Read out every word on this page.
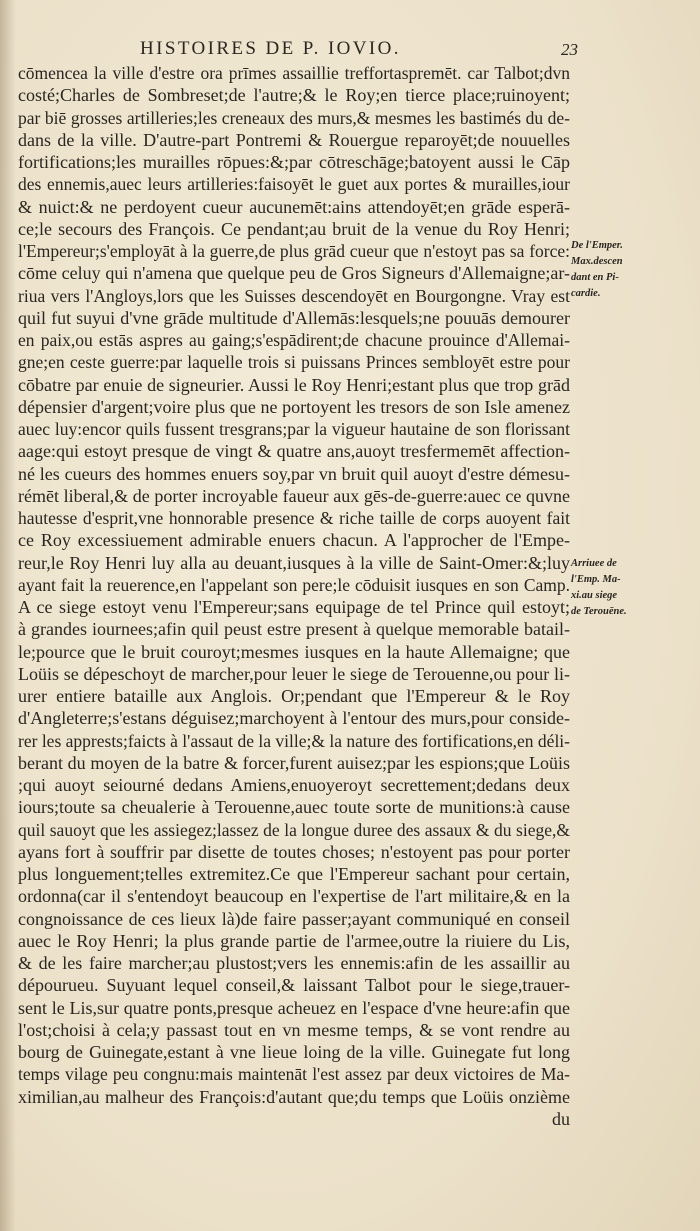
HISTOIRES DE P. IOVIO.	23
cōmencea la ville d'estre ora prīmes assaillie treffortaspremēt. car Talbot;dvn
costé;Charles de Sombreset;de l'autre;& le Roy;en tierce place;ruinoyent;
par biē grosses artilleries;les creneaux des murs,& mesmes les bastimés du de-
dans de la ville. D'autre-part Pontremi & Rouergue reparoyēt;de nouuelles
fortifications;les murailles rōpues:&;par cōtreschāge;batoyent aussi le Cāp
des ennemis,auec leurs artilleries:faisoyēt le guet aux portes & murailles,iour
& nuict:& ne perdoyent cueur aucunemēt:ains attendoyēt;en grāde esperā-
ce;le secours des François. Ce pendant;au bruit de la venue du Roy Henri;
l'Empereur;s'employāt à la guerre,de plus grād cueur que n'estoyt pas sa force:
cōme celuy qui n'amena que quelque peu de Gros Signeurs d'Allemaigne;ar-
riua vers l'Angloys,lors que les Suisses descendoyēt en Bourgongne. Vray est
quil fut suyui d'vne grāde multitude d'Allemās:lesquels;ne pouuās demourer
en paix,ou estās aspres au gaing;s'espādirent;de chacune prouince d'Allemai-
gne;en ceste guerre:par laquelle trois si puissans Princes sembloyēt estre pour
cōbatre par enuie de signeurier. Aussi le Roy Henri;estant plus que trop grād
dépensier d'argent;voire plus que ne portoyent les tresors de son Isle amenez
auec luy:encor quils fussent tresgrans;par la vigueur hautaine de son florissant
aage:qui estoyt presque de vingt & quatre ans,auoyt tresfermemēt affection-
né les cueurs des hommes enuers soy,par vn bruit quil auoyt d'estre démesu-
rémēt liberal,& de porter incroyable faueur aux gēs-de-guerre:auec ce quvne
hautesse d'esprit,vne honnorable presence & riche taille de corps auoyent fait
ce Roy excessiuement admirable enuers chacun. A l'approcher de l'Empe-
reur,le Roy Henri luy alla au deuant,iusques à la ville de Saint-Omer:&;luy
ayant fait la reuerence,en l'appelant son pere;le cōduisit iusques en son Camp.
A ce siege estoyt venu l'Empereur;sans equipage de tel Prince quil estoyt;
à grandes iournees;afin quil peust estre present à quelque memorable batail-
le;pource que le bruit couroyt;mesmes iusques en la haute Allemaigne; que
Loüis se dépeschoyt de marcher,pour leuer le siege de Terouenne,ou pour li-
urer entiere bataille aux Anglois. Or;pendant que l'Empereur & le Roy
d'Angleterre;s'estans déguisez;marchoyent à l'entour des murs,pour conside-
rer les apprests;faicts à l'assaut de la ville;& la nature des fortifications,en déli-
berant du moyen de la batre & forcer,furent auisez;par les espions;que Loüis
;qui auoyt seiourné dedans Amiens,enuoyeroyt secrettement;dedans deux
iours;toute sa cheualerie à Terouenne,auec toute sorte de munitions:à cause
quil sauoyt que les assiegez;lassez de la longue duree des assaux & du siege,&
ayans fort à souffrir par disette de toutes choses; n'estoyent pas pour porter
plus longuement;telles extremitez.Ce que l'Empereur sachant pour certain,
ordonna(car il s'entendoyt beaucoup en l'expertise de l'art militaire,& en la
congnoissance de ces lieux là)de faire passer;ayant communiqué en conseil
auec le Roy Henri; la plus grande partie de l'armee,outre la riuiere du Lis,
& de les faire marcher;au plustost;vers les ennemis:afin de les assaillir au
dépourueu. Suyuant lequel conseil,& laissant Talbot pour le siege,trauer-
sent le Lis,sur quatre ponts,presque acheuez en l'espace d'vne heure:afin que
l'ost;choisi à cela;y passast tout en vn mesme temps, & se vont rendre au
bourg de Guinegate,estant à vne lieue loing de la ville. Guinegate fut long
temps vilage peu congnu:mais maintenāt l'est assez par deux victoires de Ma-
ximilian,au malheur des François:d'autant que;du temps que Loüis onzième
du
De l'Emper.
Max.descen
dant en Pi-
cardie.
Arriuee de
l'Emp. Ma-
xi.au siege
de Terouēne.
